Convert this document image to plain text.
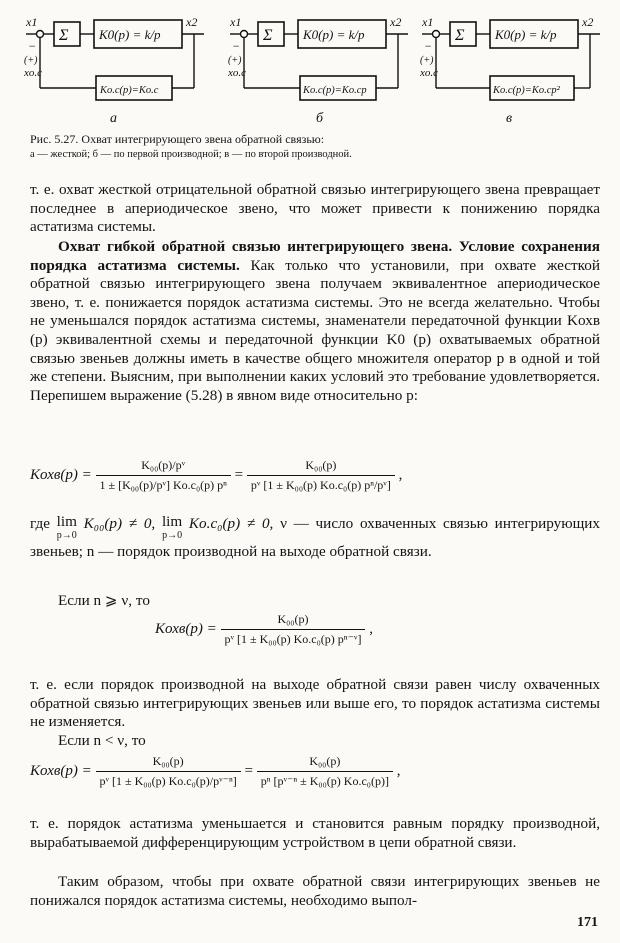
x1	x2
Σ K0(p) = k/p
−
(+)
xо.с
Kо.с(p)=Kо.с
а
x1	x2
Σ K0(p) = k/p
−
(+)
xо.с
Kо.с(p)=Kо.сp
б
x1	x2
Σ K0(p) = k/p
−
(+)
xо.с
Kо.с(p)=Kо.сp²
в
Рис. 5.27. Охват интегрирующего звена обратной связью:
а — жесткой; б — по первой производной; в — по второй производной.
т. е. охват жесткой отрицательной обратной связью интегрирующего звена превращает последнее в апериодическое звено, что может привести к понижению порядка астатизма системы.
Охват гибкой обратной связью интегрирующего звена. Условие сохранения порядка астатизма системы. Как только что установили, при охвате жесткой обратной связью интегрирующего звена получаем эквивалентное апериодическое звено, т. е. понижается порядок астатизма системы. Это не всегда желательно. Чтобы не уменьшался порядок астатизма системы, знаменатели передаточной функции Kохв (p) эквивалентной схемы и передаточной функции K0 (p) охватываемых обратной связью звеньев должны иметь в качестве общего множителя оператор p в одной и той же степени. Выясним, при выполнении каких условий это требование удовлетворяется. Перепишем выражение (5.28) в явном виде относительно p:
Kохв(p) = $\frac{\text{K₀₀(p)/pᵛ}}{\text{1 ± [K₀₀(p)/pᵛ] Kо.с₀(p) pⁿ}} = \frac{\text{K₀₀(p)}}{\text{pᵛ [1 ± K₀₀(p) Kо.с₀(p) pⁿ/pᵛ]}}$ ,
где lim
p→0
K₀₀(p) ≠ 0, lim
p→0
Kо.с₀(p) ≠ 0, ν — число охваченных связью интегрирующих звеньев; n — порядок производной на выходе обратной связи.
Если n ⩾ ν, то
Kохв(p) = $\frac{\text{K₀₀(p)}}{\text{pᵛ [1 ± K₀₀(p) Kо.с₀(p) pⁿ⁻ᵛ]}}$ ,
т. е. если порядок производной на выходе обратной связи равен числу охваченных обратной связью интегрирующих звеньев или выше его, то порядок астатизма системы не изменяется.
Если n < ν, то
Kохв(p) = $\frac{\text{K₀₀(p)}}{\text{pᵛ [1 ± K₀₀(p) Kо.с₀(p)/pᵛ⁻ⁿ]}} = \frac{\text{K₀₀(p)}}{\text{pⁿ [pᵛ⁻ⁿ ± K₀₀(p) Kо.с₀(p)]}}$ ,
т. е. порядок астатизма уменьшается и становится равным порядку производной, вырабатываемой дифференцирующим устройством в цепи обратной связи.
Таким образом, чтобы при охвате обратной связи интегрирующих звеньев не понижался порядок астатизма системы, необходимо выпол-
171
